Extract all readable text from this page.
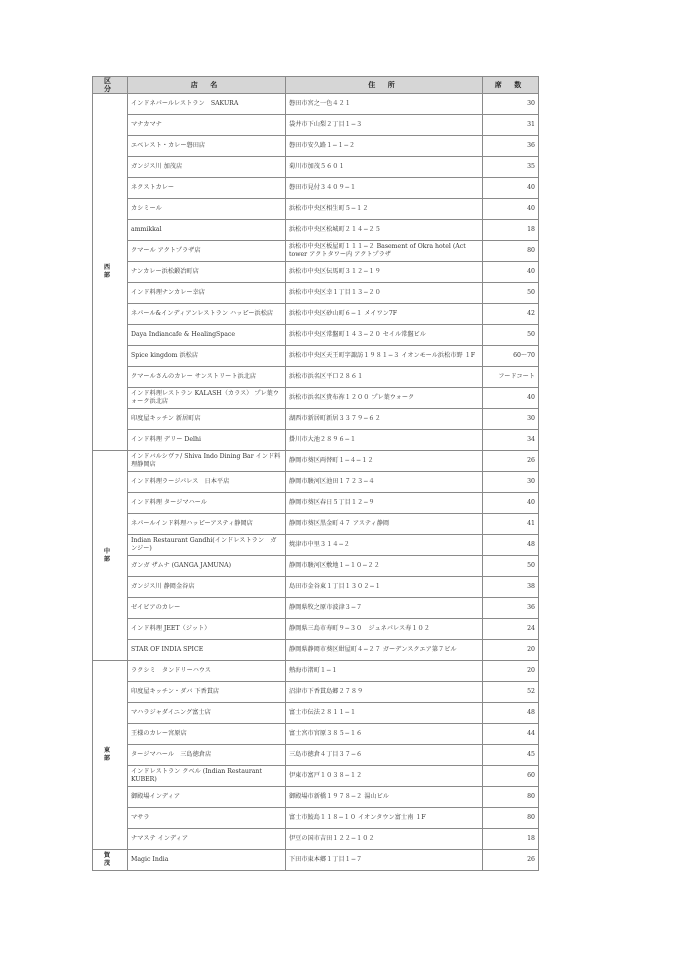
区 分	店 名	住 所	席 数
西 部	インドネパールレストラン　SAKURA	磐田市宮之一色４２１	30
	マナカマナ	袋井市下山梨２丁目１−３	31
	エベレスト・カレー磐田店	磐田市安久路１−１−２	36
	ガンジス川 加茂店	菊川市加茂５６０１	35
	ネクストカレー	磐田市見付３４０９−１	40
	カシミール	浜松市中央区相生町５−１２	40
	ammikkal	浜松市中央区松城町２１４−２５	18
	クマール アクトプラザ店	浜松市中央区板屋町１１１−２ Basement of Okra hotel (Act tower アクトタワー内 アクトプラザ	80
	ナンカレー浜松鍛冶町店	浜松市中央区伝馬町３１２−１９	40
	インド料理ナンカレー幸店	浜松市中央区幸１丁目１３−２０	50
	ネパール&インディアンレストラン ハッピー浜松店	浜松市中央区砂山町６−１ メイワン7F	42
	Daya Indiancafe & HealingSpace	浜松市中央区常盤町１４３−２０ セイル常盤ビル	50
	Spice kingdom 浜松店	浜松市中央区天王町字諏訪１９８１−３ イオンモール浜松市野 １F	60〜70
	クマールさんのカレー サンストリート浜北店	浜松市浜名区平口２８６１	フードコート
	インド料理レストラン KALASH（カラス） プレ葉ウォーク浜北店	浜松市浜名区貴布祢１２００ プレ葉ウォーク	40
	印度屋キッチン 新居町店	湖西市新居町新居３３７９−６２	30
	インド料理 デリー Delhi	掛川市大池２８９６−１	34
中 部	インドバルシヴァ/ Shiva Indo Dining Bar インド料理静岡店	静岡市葵区両替町１−４−１２	26
	インド料理ラージパレス　日本平店	静岡市駿河区池田１７２３−４	30
	インド料理 タージマハール	静岡市葵区春日５丁目１２−９	40
	ネパールインド料理ハッピーアスティ静岡店	静岡市葵区黒金町４７ アスティ静岡	41
	Indian Restaurant Gandhi(インドレストラン　ガンジー)	焼津市中里３１４−２	48
	ガンガ ザムナ (GANGA JAMUNA)	静岡市駿河区敷地１−１０−２２	50
	ガンジス川 静岡金谷店	島田市金谷東１丁目１３０２−１	38
	ゼイビアのカレー	静岡県牧之原市波津３−７	36
	インド料理 JEET（ジット）	静岡県三島市寿町９−３０　ジュネパレス寿１０２	24
	STAR OF INDIA SPICE	静岡県静岡市葵区紺屋町４−２７ ガーデンスクエア第７ビル	20
東 部	ラクシミ　タンドリーハウス	熱海市渚町１−１	20
	印度屋キッチン・ダバ 下香貫店	沼津市下香貫島郷２７８９	52
	マハラジャダイニング富士店	富士市伝法２８１１−１	48
	王様のカレー宮原店	富士宮市宮原３８５−１６	44
	タージマハール　三島徳倉店	三島市徳倉４丁目３７−６	45
	インドレストラン クベル (Indian Restaurant KUBER)	伊東市富戸１０３８−１２	60
	御殿場インディア	御殿場市新橋１９７８−２ 湯山ビル	80
	マサラ	富士市鮫島１１８−１０ イオンタウン富士南 １F	80
	ナマステ インディア	伊豆の国市吉田１２２−１０２	18
賀 茂	Magic India	下田市東本郷１丁目１−７	26
